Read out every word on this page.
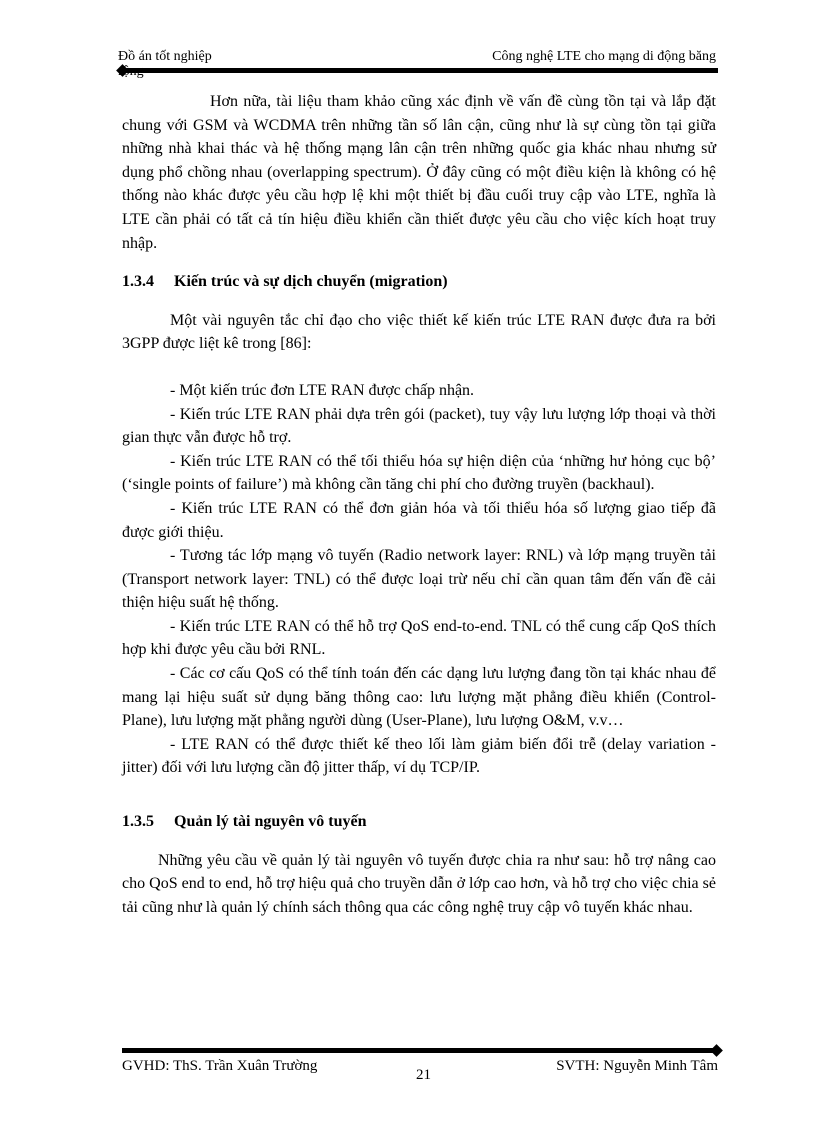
Đồ án tốt nghiệp	Công nghệ LTE cho mạng di động băng

Hơn nữa, tài liệu tham khảo cũng xác định về vấn đề cùng tồn tại và lắp đặt chung với GSM và WCDMA trên những tần số lân cận, cũng như là sự cùng tồn tại giữa những nhà khai thác và hệ thống mạng lân cận trên những quốc gia khác nhau nhưng sử dụng phổ chồng nhau (overlapping spectrum). Ở đây cũng có một điều kiện là không có hệ thống nào khác được yêu cầu hợp lệ khi một thiết bị đầu cuối truy cập vào LTE, nghĩa là LTE cần phải có tất cả tín hiệu điều khiển cần thiết được yêu cầu cho việc kích hoạt truy nhập.

1.3.4 Kiến trúc và sự dịch chuyển (migration)

Một vài nguyên tắc chỉ đạo cho việc thiết kế kiến trúc LTE RAN được đưa ra bởi 3GPP được liệt kê trong [86]:

- Một kiến trúc đơn LTE RAN được chấp nhận.

- Kiến trúc LTE RAN phải dựa trên gói (packet), tuy vậy lưu lượng lớp thoại và thời gian thực vẫn được hỗ trợ.

- Kiến trúc LTE RAN có thể tối thiểu hóa sự hiện diện của ‘những hư hỏng cục bộ’ (‘single points of failure’) mà không cần tăng chi phí cho đường truyền (backhaul).

- Kiến trúc LTE RAN có thể đơn giản hóa và tối thiểu hóa số lượng giao tiếp đã được giới thiệu.

- Tương tác lớp mạng vô tuyến (Radio network layer: RNL) và lớp mạng truyền tải (Transport network layer: TNL) có thể được loại trừ nếu chỉ cần quan tâm đến vấn đề cải thiện hiệu suất hệ thống.

- Kiến trúc LTE RAN có thể hỗ trợ QoS end-to-end. TNL có thể cung cấp QoS thích hợp khi được yêu cầu bởi RNL.

- Các cơ cấu QoS có thể tính toán đến các dạng lưu lượng đang tồn tại khác nhau để mang lại hiệu suất sử dụng băng thông cao: lưu lượng mặt phẳng điều khiển (Control-Plane), lưu lượng mặt phẳng người dùng (User-Plane), lưu lượng O&M, v.v…

- LTE RAN có thể được thiết kế theo lối làm giảm biến đổi trễ (delay variation - jitter) đối với lưu lượng cần độ jitter thấp, ví dụ TCP/IP.

1.3.5 Quản lý tài nguyên vô tuyến

Những yêu cầu về quản lý tài nguyên vô tuyến được chia ra như sau: hỗ trợ nâng cao cho QoS end to end, hỗ trợ hiệu quả cho truyền dẫn ở lớp cao hơn, và hỗ trợ cho việc chia sẻ tải cũng như là quản lý chính sách thông qua các công nghệ truy cập vô tuyến khác nhau.

GVHD: ThS. Trần Xuân Trường
21
SVTH: Nguyễn Minh Tâm
